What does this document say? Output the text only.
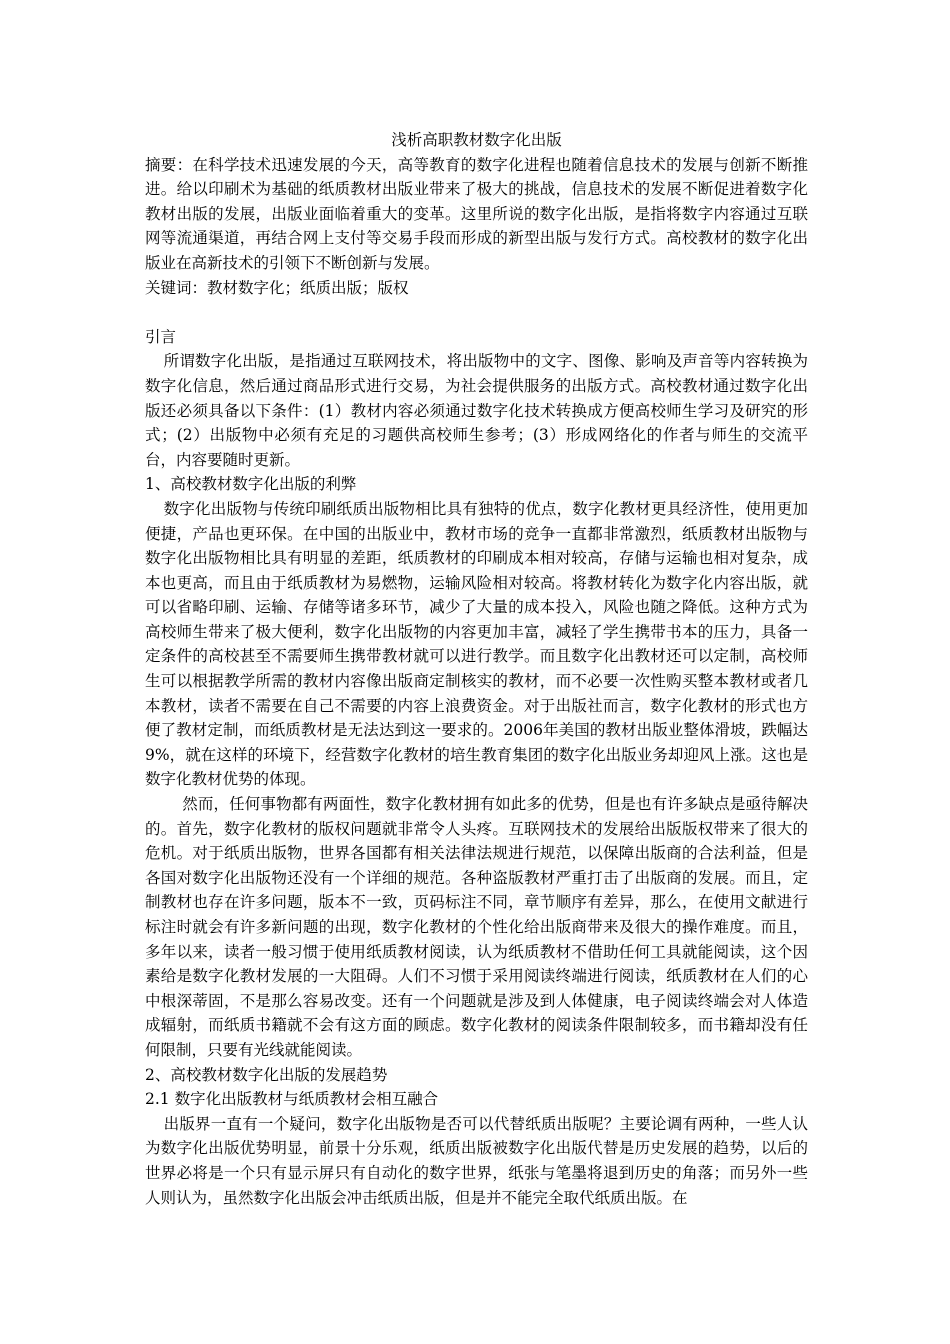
浅析高职教材数字化出版

摘要：在科学技术迅速发展的今天，高等教育的数字化进程也随着信息技术的发展与创新不断推进。给以印刷术为基础的纸质教材出版业带来了极大的挑战，信息技术的发展不断促进着数字化教材出版的发展，出版业面临着重大的变革。这里所说的数字化出版，是指将数字内容通过互联网等流通渠道，再结合网上支付等交易手段而形成的新型出版与发行方式。高校教材的数字化出版业在高新技术的引领下不断创新与发展。

关键词：教材数字化；纸质出版；版权

引言

所谓数字化出版，是指通过互联网技术，将出版物中的文字、图像、影响及声音等内容转换为数字化信息，然后通过商品形式进行交易，为社会提供服务的出版方式。高校教材通过数字化出版还必须具备以下条件：(1）教材内容必须通过数字化技术转换成方便高校师生学习及研究的形式；(2）出版物中必须有充足的习题供高校师生参考；(3）形成网络化的作者与师生的交流平台，内容要随时更新。

1、高校教材数字化出版的利弊

数字化出版物与传统印刷纸质出版物相比具有独特的优点，数字化教材更具经济性，使用更加便捷，产品也更环保。在中国的出版业中，教材市场的竞争一直都非常激烈，纸质教材出版物与数字化出版物相比具有明显的差距，纸质教材的印刷成本相对较高，存储与运输也相对复杂，成本也更高，而且由于纸质教材为易燃物，运输风险相对较高。将教材转化为数字化内容出版，就可以省略印刷、运输、存储等诸多环节，减少了大量的成本投入，风险也随之降低。这种方式为高校师生带来了极大便利，数字化出版物的内容更加丰富，减轻了学生携带书本的压力，具备一定条件的高校甚至不需要师生携带教材就可以进行教学。而且数字化出教材还可以定制，高校师生可以根据教学所需的教材内容像出版商定制核实的教材，而不必要一次性购买整本教材或者几本教材，读者不需要在自己不需要的内容上浪费资金。对于出版社而言，数字化教材的形式也方便了教材定制，而纸质教材是无法达到这一要求的。2006年美国的教材出版业整体滑坡，跌幅达9%，就在这样的环境下，经营数字化教材的培生教育集团的数字化出版业务却迎风上涨。这也是数字化教材优势的体现。

然而，任何事物都有两面性，数字化教材拥有如此多的优势，但是也有许多缺点是亟待解决的。首先，数字化教材的版权问题就非常令人头疼。互联网技术的发展给出版版权带来了很大的危机。对于纸质出版物，世界各国都有相关法律法规进行规范，以保障出版商的合法利益，但是各国对数字化出版物还没有一个详细的规范。各种盗版教材严重打击了出版商的发展。而且，定制教材也存在许多问题，版本不一致，页码标注不同，章节顺序有差异，那么，在使用文献进行标注时就会有许多新问题的出现，数字化教材的个性化给出版商带来及很大的操作难度。而且，多年以来，读者一般习惯于使用纸质教材阅读，认为纸质教材不借助任何工具就能阅读，这个因素给是数字化教材发展的一大阻碍。人们不习惯于采用阅读终端进行阅读，纸质教材在人们的心中根深蒂固，不是那么容易改变。还有一个问题就是涉及到人体健康，电子阅读终端会对人体造成辐射，而纸质书籍就不会有这方面的顾虑。数字化教材的阅读条件限制较多，而书籍却没有任何限制，只要有光线就能阅读。

2、高校教材数字化出版的发展趋势

2.1 数字化出版教材与纸质教材会相互融合

出版界一直有一个疑问，数字化出版物是否可以代替纸质出版呢？主要论调有两种，一些人认为数字化出版优势明显，前景十分乐观，纸质出版被数字化出版代替是历史发展的趋势，以后的世界必将是一个只有显示屏只有自动化的数字世界，纸张与笔墨将退到历史的角落；而另外一些人则认为，虽然数字化出版会冲击纸质出版，但是并不能完全取代纸质出版。在
